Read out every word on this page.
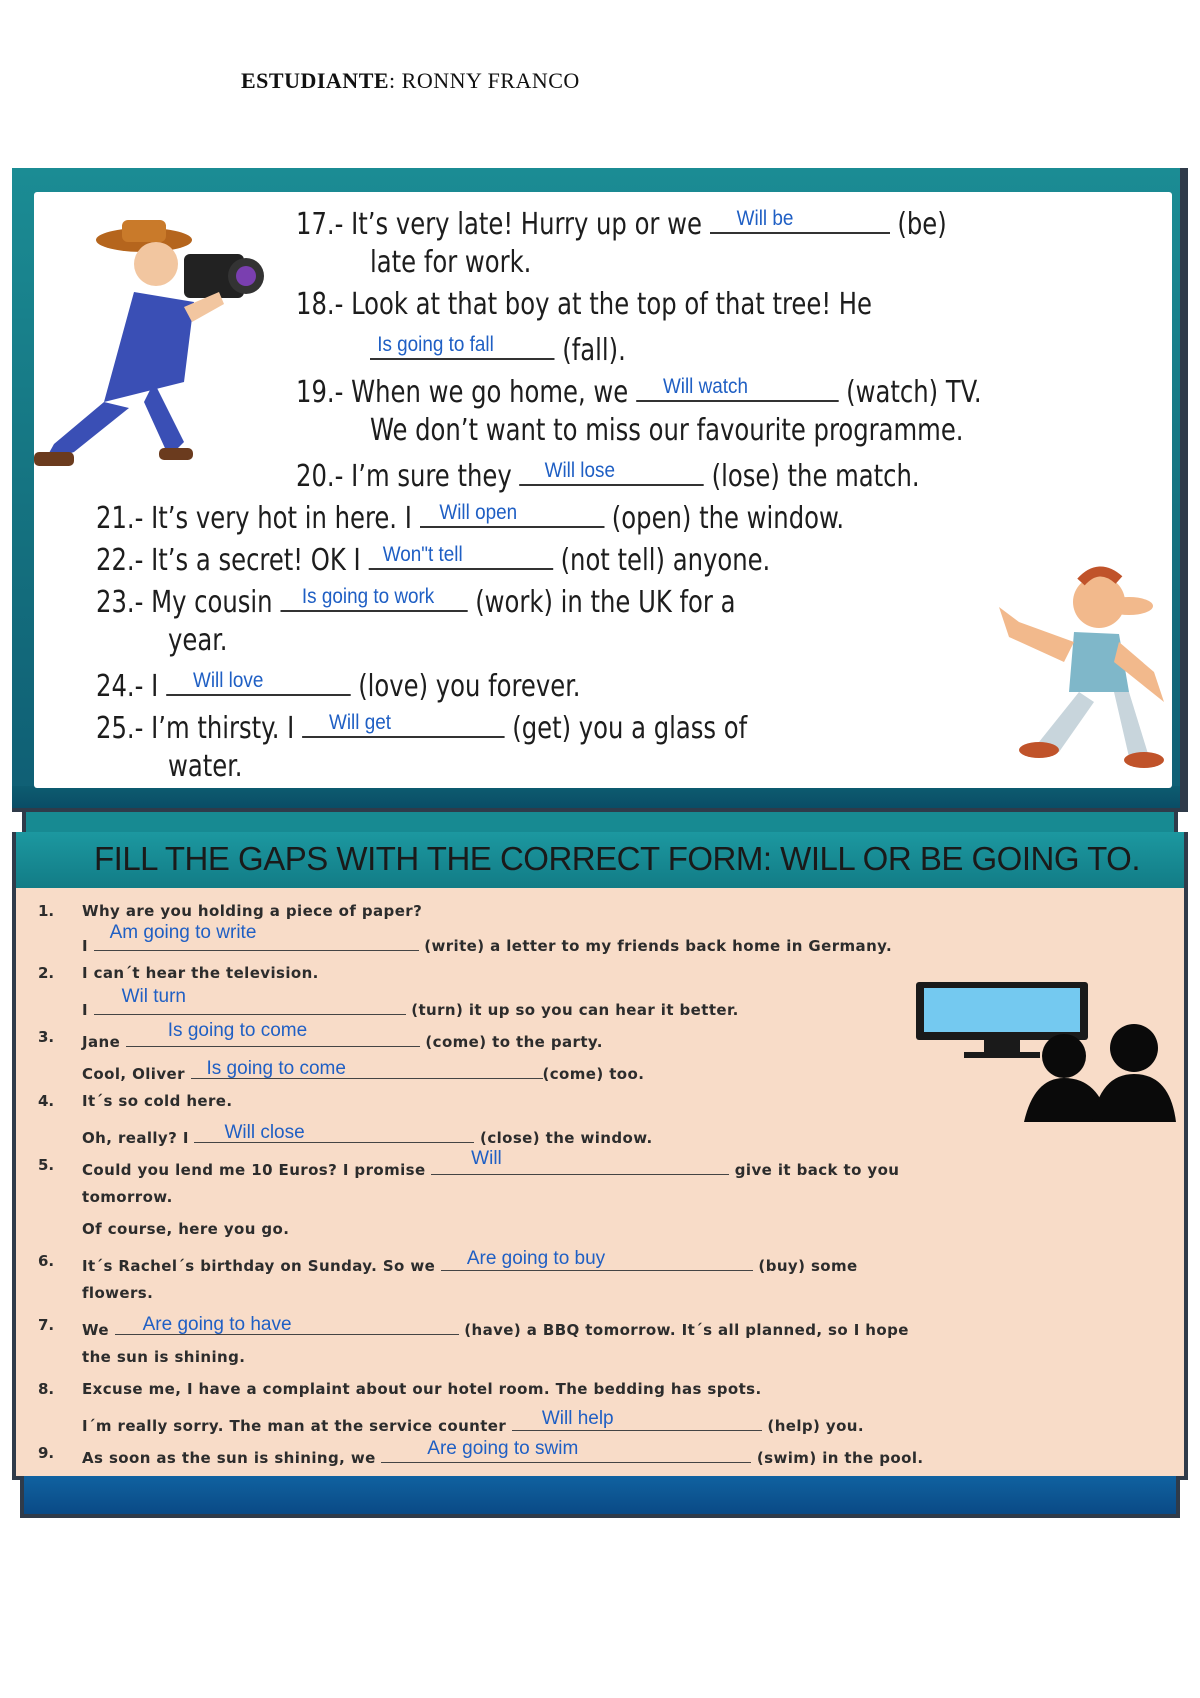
ESTUDIANTE: RONNY FRANCO
17.- It’s very late! Hurry up or we Will be	(be)
late for work.
18.- Look at that boy at the top of that tree! He
Is going to fall (fall).
19.- When we go home, we Will watch	(watch) TV.
We don’t want to miss our favourite programme.
20.- I’m sure they Will lose	(lose) the match.
21.- It’s very hot in here. I Will open	(open) the window.
22.- It’s a secret! OK I Won"t tell	(not tell) anyone.
23.- My cousin Is going to work (work) in the UK for a
year.
24.- I Will love	(love) you forever.
25.- I’m thirsty. I Will get	(get) you a glass of
water.
FILL THE GAPS WITH THE CORRECT FORM: WILL OR BE GOING TO.
1. Why are you holding a piece of paper?
I
Am going to write
(write) a letter to my friends back home in Germany.
2. I can´t hear the television.
I
Wil turn
(turn) it up so you can hear it better.
3. Jane
Is going to come
(come) to the party.
Cool, Oliver Is going to come	(come) too.
4. It´s so cold here.
Oh, really? I Will close	(close) the window.
5. Could you lend me 10 Euros? I promise
Will
give it back to you
tomorrow.
Of course, here you go.
6. It´s Rachel´s birthday on Sunday. So we Are going to buy	(buy) some
flowers.
7. We Are going to have	(have) a BBQ tomorrow. It´s all planned, so I hope
the sun is shining.
8. Excuse me, I have a complaint about our hotel room. The bedding has spots.
I´m really sorry. The man at the service counter Will help	(help) you.
9. As soon as the sun is shining, we Are going to swim	(swim) in the pool.
